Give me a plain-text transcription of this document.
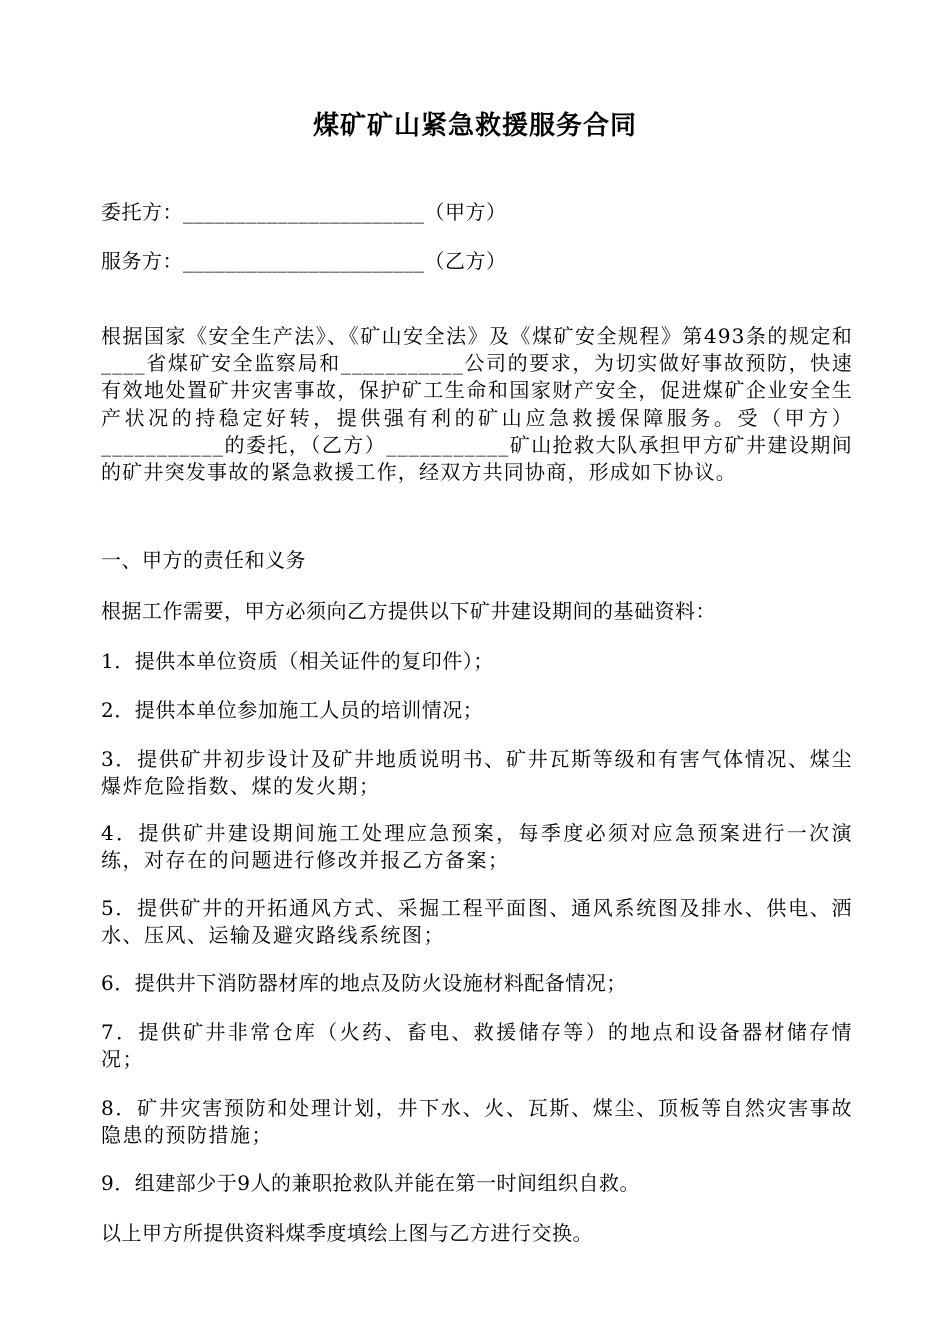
煤矿矿山紧急救援服务合同
委托方：_______________________（甲方）
服务方：_______________________（乙方）
根据国家《安全生产法》、《矿山安全法》及《煤矿安全规程》第493条的规定和____省煤矿安全监察局和___________公司的要求，为切实做好事故预防，快速有效地处置矿井灾害事故，保护矿工生命和国家财产安全，促进煤矿企业安全生产状况的持稳定好转，提供强有利的矿山应急救援保障服务。受（甲方）___________的委托，（乙方）___________矿山抢救大队承担甲方矿井建设期间的矿井突发事故的紧急救援工作，经双方共同协商，形成如下协议。
一、甲方的责任和义务
根据工作需要，甲方必须向乙方提供以下矿井建设期间的基础资料：
1．提供本单位资质（相关证件的复印件）；
2．提供本单位参加施工人员的培训情况；
3．提供矿井初步设计及矿井地质说明书、矿井瓦斯等级和有害气体情况、煤尘爆炸危险指数、煤的发火期；
4．提供矿井建设期间施工处理应急预案，每季度必须对应急预案进行一次演练，对存在的问题进行修改并报乙方备案；
5．提供矿井的开拓通风方式、采掘工程平面图、通风系统图及排水、供电、洒水、压风、运输及避灾路线系统图；
6．提供井下消防器材库的地点及防火设施材料配备情况；
7．提供矿井非常仓库（火药、畜电、救援储存等）的地点和设备器材储存情况；
8．矿井灾害预防和处理计划，井下水、火、瓦斯、煤尘、顶板等自然灾害事故隐患的预防措施；
9．组建部少于9人的兼职抢救队并能在第一时间组织自救。
以上甲方所提供资料煤季度填绘上图与乙方进行交换。
